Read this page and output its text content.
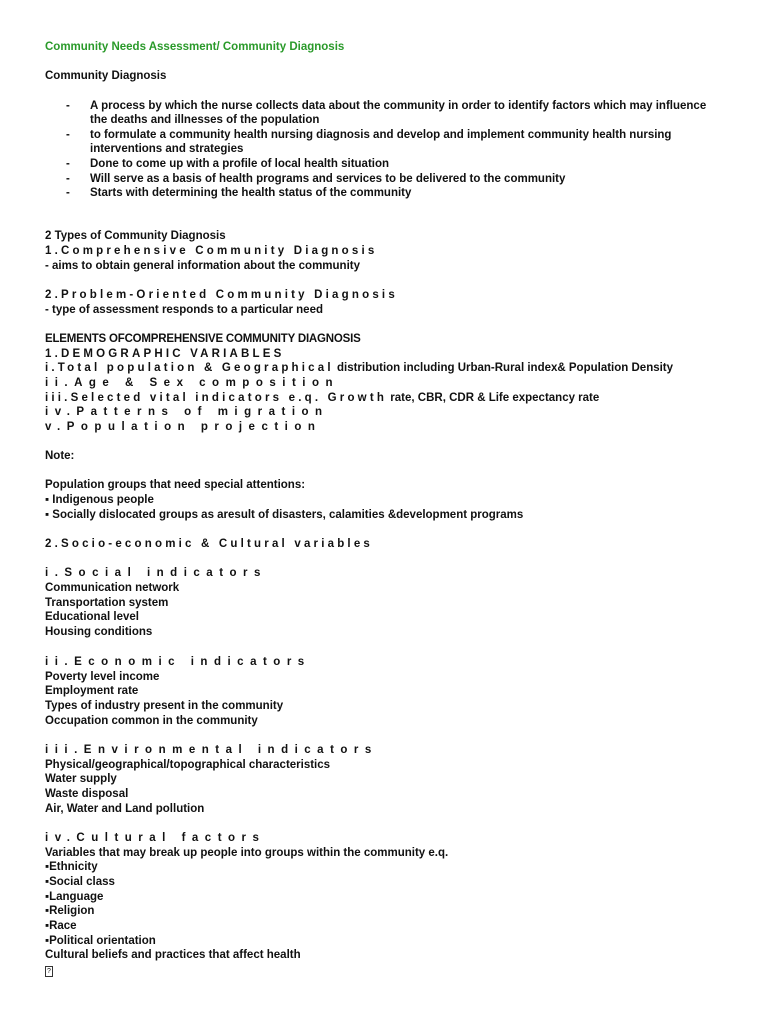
Community Needs Assessment/ Community Diagnosis
Community Diagnosis
- A process by which the nurse collects data about the community in order to identify factors which may influence
the deaths and illnesses of the population
- to formulate a community health nursing diagnosis and develop and implement community health nursing
interventions and strategies
- Done to come up with a profile of local health situation
- Will serve as a basis of health programs and services to be delivered to the community
- Starts with determining the health status of the community
2 Types of Community Diagnosis
1.Comprehensive Community Diagnosis
- aims to obtain general information about the community
2.Problem-Oriented Community Diagnosis
- type of assessment responds to a particular need
ELEMENTS OFCOMPREHENSIVE COMMUNITY DIAGNOSIS
1.DEMOGRAPHIC VARIABLES
i.Total population & Geographical distribution including Urban-Rural index& Population Density
ii.Age & Sex composition
iii.Selected vital indicators e.q. Growth rate, CBR, CDR & Life expectancy rate
iv.Patterns of migration
v.Population projection
Note:
Population groups that need special attentions:
▪ Indigenous people
▪ Socially dislocated groups as aresult of disasters, calamities &development programs
2.Socio-economic & Cultural variables
i.Social indicators
Communication network
Transportation system
Educational level
Housing conditions
ii.Economic indicators
Poverty level income
Employment rate
Types of industry present in the community
Occupation common in the community
iii.Environmental indicators
Physical/geographical/topographical characteristics
Water supply
Waste disposal
Air, Water and Land pollution
iv.Cultural factors
Variables that may break up people into groups within the community e.q.
▪Ethnicity
▪Social class
▪Language
▪Religion
▪Race
▪Political orientation
Cultural beliefs and practices that affect health
?
